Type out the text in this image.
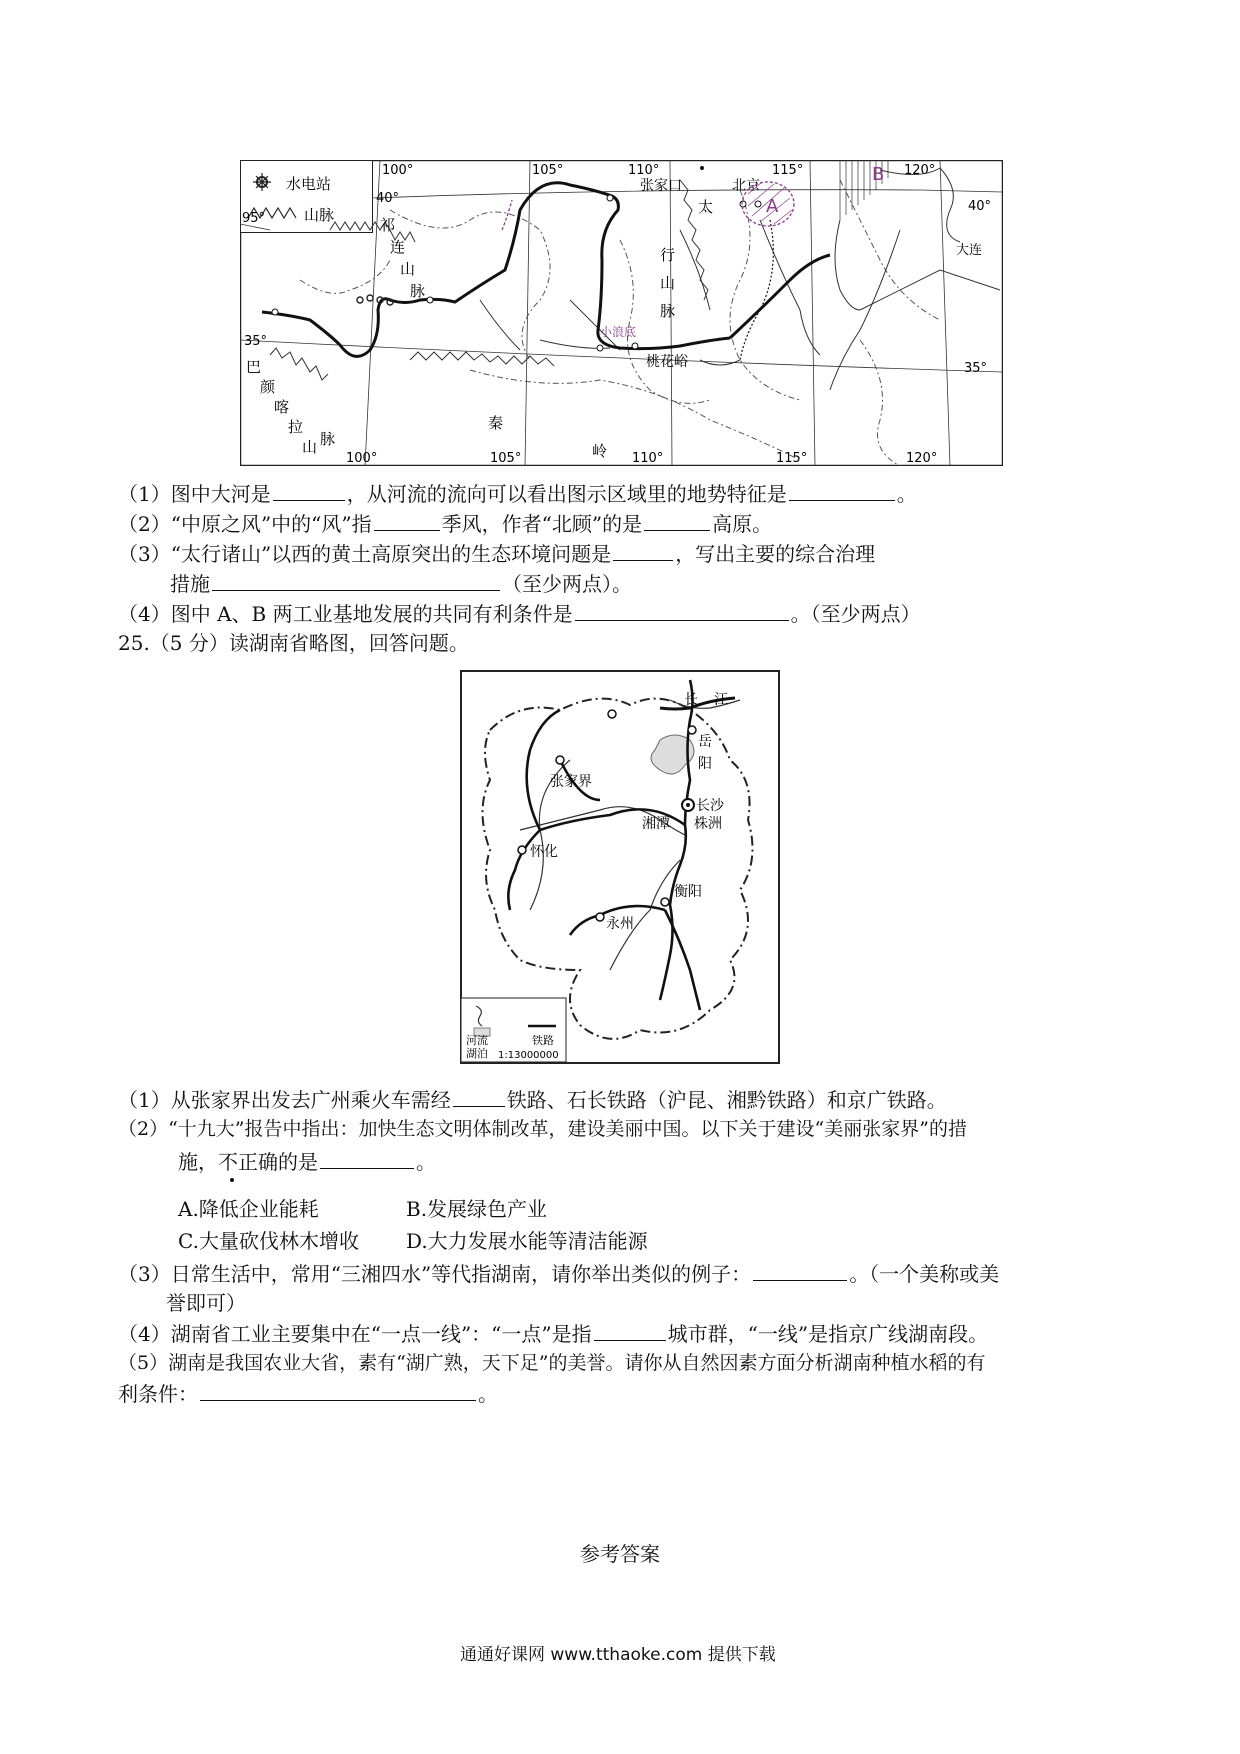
水电站
山脉
100°	105°	110°	115°	120°
40°
95°
35°
40°
35°
100°	105°	110°	115°	120°
祁
连
山
脉
太
行
山
脉
巴
颜
喀
拉
山 脉
秦
岭
张家口	北京
大连
桃花峪
小浪底
A
B
（1）图中大河是	，从河流的流向可以看出图示区域里的地势特征是	。
（2）“中原之风”中的“风”指	季风，作者“北顾”的是	高原。
（3）“太行诸山”以西的黄土高原突出的生态环境问题是	，写出主要的综合治理
措施	（至少两点）。
（4）图中 A、B 两工业基地发展的共同有利条件是	。（至少两点）
25.（5 分）读湖南省略图，回答问题。
长 江
岳
阳
张家界
长沙
湘潭 株洲
怀化
衡阳
永州
河流
湖泊
铁路
1:13000000
（1）从张家界出发去广州乘火车需经	铁路、石长铁路（沪昆、湘黔铁路）和京广铁路。
（2）“十九大”报告中指出：加快生态文明体制改革，建设美丽中国。以下关于建设“美丽张家界”的措
施，不正确的是	。
A.降低企业能耗	B.发展绿色产业
C.大量砍伐林木增收 D.大力发展水能等清洁能源
（3）日常生活中，常用“三湘四水”等代指湖南，请你举出类似的例子：	。（一个美称或美
誉即可）
（4）湖南省工业主要集中在“一点一线”：“一点”是指	城市群，“一线”是指京广线湖南段。
（5）湖南是我国农业大省，素有“湖广熟，天下足”的美誉。请你从自然因素方面分析湖南种植水稻的有
利条件：	。
参考答案
通通好课网 www.tthaoke.com 提供下载
